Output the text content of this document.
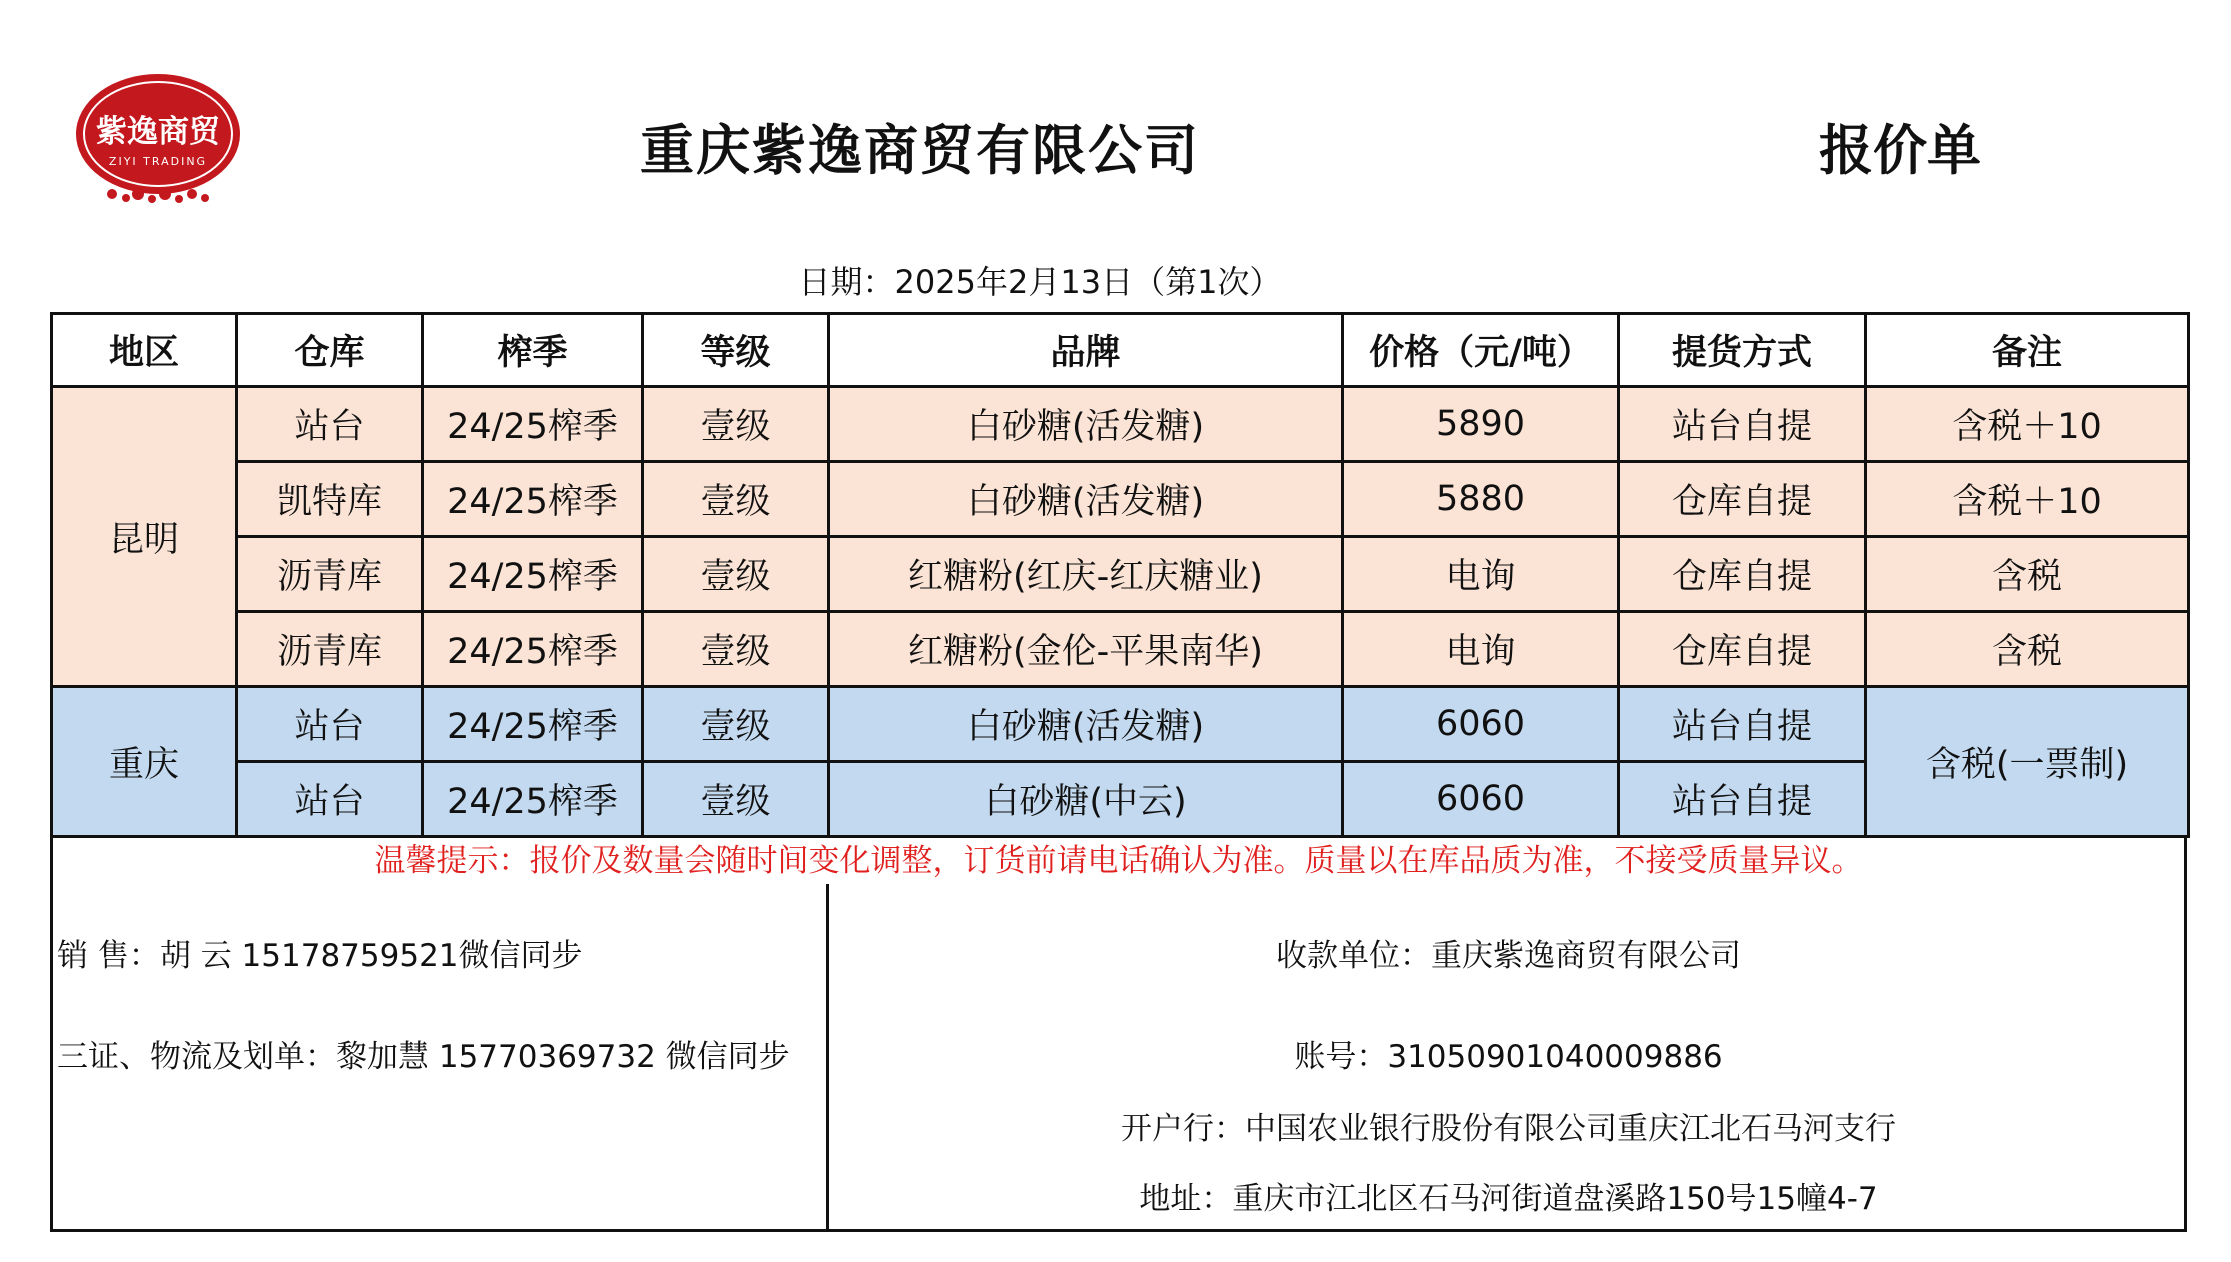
紫逸商贸
ZIYI TRADING	重庆紫逸商贸有限公司	报价单
日期：2025年2月13日（第1次）
地区	仓库	榨季	等级	品牌	价格（元/吨）	提货方式	备注
昆明	站台	24/25榨季	壹级	白砂糖(活发糖)	5890	站台自提	含税＋10
	凯特库	24/25榨季	壹级	白砂糖(活发糖)	5880	仓库自提	含税＋10
	沥青库	24/25榨季	壹级	红糖粉(红庆-红庆糖业)	电询	仓库自提	含税
	沥青库	24/25榨季	壹级	红糖粉(金伦-平果南华)	电询	仓库自提	含税
重庆	站台	24/25榨季	壹级	白砂糖(活发糖)	6060	站台自提	含税(一票制)
	站台	24/25榨季	壹级	白砂糖(中云)	6060	站台自提	
温馨提示：报价及数量会随时间变化调整，订货前请电话确认为准。质量以在库品质为准，不接受质量异议。
销 售：胡 云 15178759521微信同步
三证、物流及划单：黎加慧 15770369732 微信同步
收款单位：重庆紫逸商贸有限公司
账号：31050901040009886
开户行：中国农业银行股份有限公司重庆江北石马河支行
地址：重庆市江北区石马河街道盘溪路150号15幢4-7
